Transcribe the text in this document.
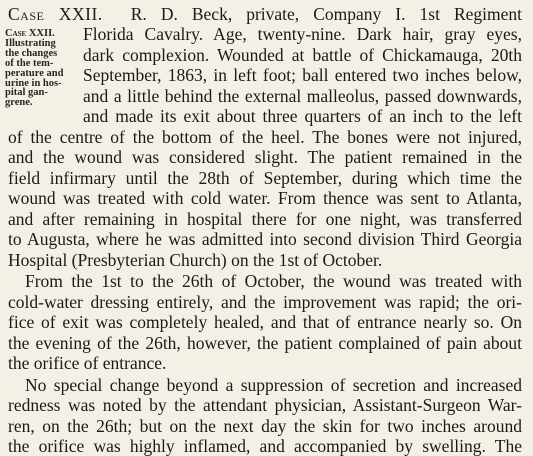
Case XXII. R. D. Beck, private, Company I. 1st Regiment
Case XXII.
Illustrating
the changes
of the tem-
perature and
urine in hos-
pital gan-
grene.
Florida Cavalry. Age, twenty-nine. Dark hair, gray eyes,
dark complexion. Wounded at battle of Chickamauga, 20th
September, 1863, in left foot; ball entered two inches below,
and a little behind the external malleolus, passed downwards,
and made its exit about three quarters of an inch to the left
of the centre of the bottom of the heel. The bones were not injured,
and the wound was considered slight. The patient remained in the
field infirmary until the 28th of September, during which time the
wound was treated with cold water. From thence was sent to Atlanta,
and after remaining in hospital there for one night, was transferred
to Augusta, where he was admitted into second division Third Georgia
Hospital (Presbyterian Church) on the 1st of October.
From the 1st to the 26th of October, the wound was treated with
cold-water dressing entirely, and the improvement was rapid; the ori-
fice of exit was completely healed, and that of entrance nearly so. On
the evening of the 26th, however, the patient complained of pain about
the orifice of entrance.
No special change beyond a suppression of secretion and increased
redness was noted by the attendant physician, Assistant-Surgeon War-
ren, on the 26th; but on the next day the skin for two inches around
the orifice was highly inflamed, and accompanied by swelling. The
